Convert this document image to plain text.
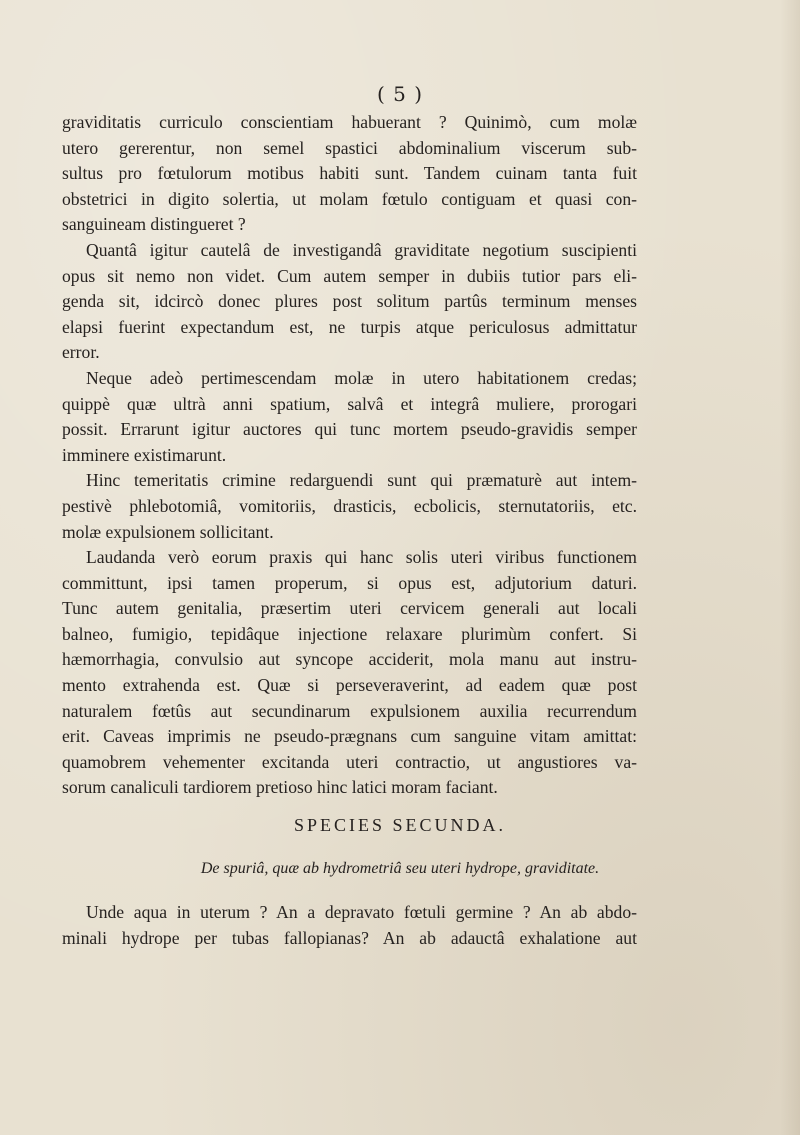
( 5 )
graviditatis curriculo conscientiam habuerant ? Quinimò, cum molæ
utero gererentur, non semel spastici abdominalium viscerum sub-
sultus pro fœtulorum motibus habiti sunt. Tandem cuinam tanta fuit
obstetrici in digito solertia, ut molam fœtulo contiguam et quasi con-
sanguineam distingueret ?
Quantâ igitur cautelâ de investigandâ graviditate negotium suscipienti
opus sit nemo non videt. Cum autem semper in dubiis tutior pars eli-
genda sit, idcircò donec plures post solitum partûs terminum menses
elapsi fuerint expectandum est, ne turpis atque periculosus admittatur
error.
Neque adeò pertimescendam molæ in utero habitationem credas;
quippè quæ ultrà anni spatium, salvâ et integrâ muliere, prorogari
possit. Errarunt igitur auctores qui tunc mortem pseudo-gravidis semper
imminere existimarunt.
Hinc temeritatis crimine redarguendi sunt qui præmaturè aut intem-
pestivè phlebotomiâ, vomitoriis, drasticis, ecbolicis, sternutatoriis, etc.
molæ expulsionem sollicitant.
Laudanda verò eorum praxis qui hanc solis uteri viribus functionem
committunt, ipsi tamen properum, si opus est, adjutorium daturi.
Tunc autem genitalia, præsertim uteri cervicem generali aut locali
balneo, fumigio, tepidâque injectione relaxare plurimùm confert. Si
hæmorrhagia, convulsio aut syncope acciderit, mola manu aut instru-
mento extrahenda est. Quæ si perseveraverint, ad eadem quæ post
naturalem fœtûs aut secundinarum expulsionem auxilia recurrendum
erit. Caveas imprimis ne pseudo-prægnans cum sanguine vitam amittat:
quamobrem vehementer excitanda uteri contractio, ut angustiores va-
sorum canaliculi tardiorem pretioso hinc latici moram faciant.
SPECIES SECUNDA.
De spuriâ, quæ ab hydrometriâ seu uteri hydrope, graviditate.
Unde aqua in uterum ? An a depravato fœtuli germine ? An ab abdo-
minali hydrope per tubas fallopianas? An ab adauctâ exhalatione aut
